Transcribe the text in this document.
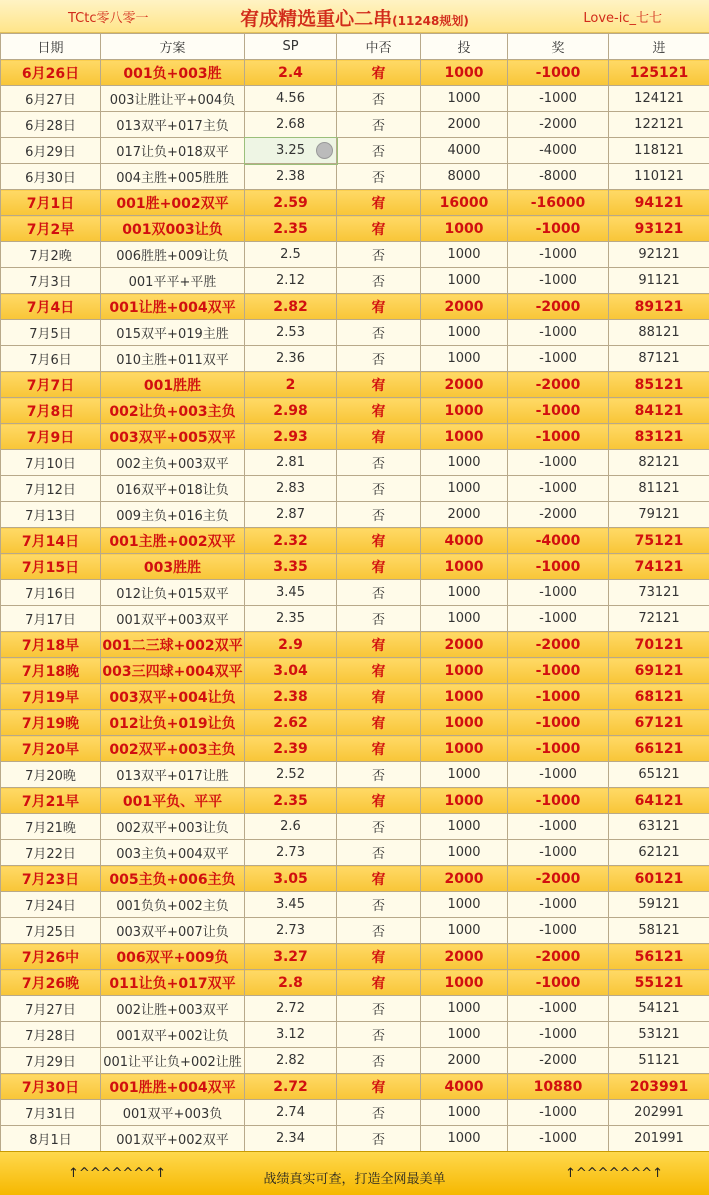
TCtc零八零一	宥成精选重心二串(11248规划)	Love-ic_七七
日期	方案	SP	中否	投	奖	进
6月26日	001负+003胜	2.4	宥	1000	-1000	125121
6月27日	003让胜让平+004负	4.56	否	1000	-1000	124121
6月28日	013双平+017主负	2.68	否	2000	-2000	122121
6月29日	017让负+018双平	3.25	否	4000	-4000	118121
6月30日	004主胜+005胜胜	2.38	否	8000	-8000	110121
7月1日	001胜+002双平	2.59	宥	16000	-16000	94121
7月2早	001双003让负	2.35	宥	1000	-1000	93121
7月2晚	006胜胜+009让负	2.5	否	1000	-1000	92121
7月3日	001平平+平胜	2.12	否	1000	-1000	91121
7月4日	001让胜+004双平	2.82	宥	2000	-2000	89121
7月5日	015双平+019主胜	2.53	否	1000	-1000	88121
7月6日	010主胜+011双平	2.36	否	1000	-1000	87121
7月7日	001胜胜	2	宥	2000	-2000	85121
7月8日	002让负+003主负	2.98	宥	1000	-1000	84121
7月9日	003双平+005双平	2.93	宥	1000	-1000	83121
7月10日	002主负+003双平	2.81	否	1000	-1000	82121
7月12日	016双平+018让负	2.83	否	1000	-1000	81121
7月13日	009主负+016主负	2.87	否	2000	-2000	79121
7月14日	001主胜+002双平	2.32	宥	4000	-4000	75121
7月15日	003胜胜	3.35	宥	1000	-1000	74121
7月16日	012让负+015双平	3.45	否	1000	-1000	73121
7月17日	001双平+003双平	2.35	否	1000	-1000	72121
7月18早	001二三球+002双平	2.9	宥	2000	-2000	70121
7月18晚	003三四球+004双平	3.04	宥	1000	-1000	69121
7月19早	003双平+004让负	2.38	宥	1000	-1000	68121
7月19晚	012让负+019让负	2.62	宥	1000	-1000	67121
7月20早	002双平+003主负	2.39	宥	1000	-1000	66121
7月20晚	013双平+017让胜	2.52	否	1000	-1000	65121
7月21早	001平负、平平	2.35	宥	1000	-1000	64121
7月21晚	002双平+003让负	2.6	否	1000	-1000	63121
7月22日	003主负+004双平	2.73	否	1000	-1000	62121
7月23日	005主负+006主负	3.05	宥	2000	-2000	60121
7月24日	001负负+002主负	3.45	否	1000	-1000	59121
7月25日	003双平+007让负	2.73	否	1000	-1000	58121
7月26中	006双平+009负	3.27	宥	2000	-2000	56121
7月26晚	011让负+017双平	2.8	宥	1000	-1000	55121
7月27日	002让胜+003双平	2.72	否	1000	-1000	54121
7月28日	001双平+002让负	3.12	否	1000	-1000	53121
7月29日	001让平让负+002让胜	2.82	否	2000	-2000	51121
7月30日	001胜胜+004双平	2.72	宥	4000	10880	203991
7月31日	001双平+003负	2.74	否	1000	-1000	202991
8月1日	001双平+002双平	2.34	否	1000	-1000	201991
↑^^^^^^^↑	战绩真实可查，打造全网最美单	↑^^^^^^^↑
